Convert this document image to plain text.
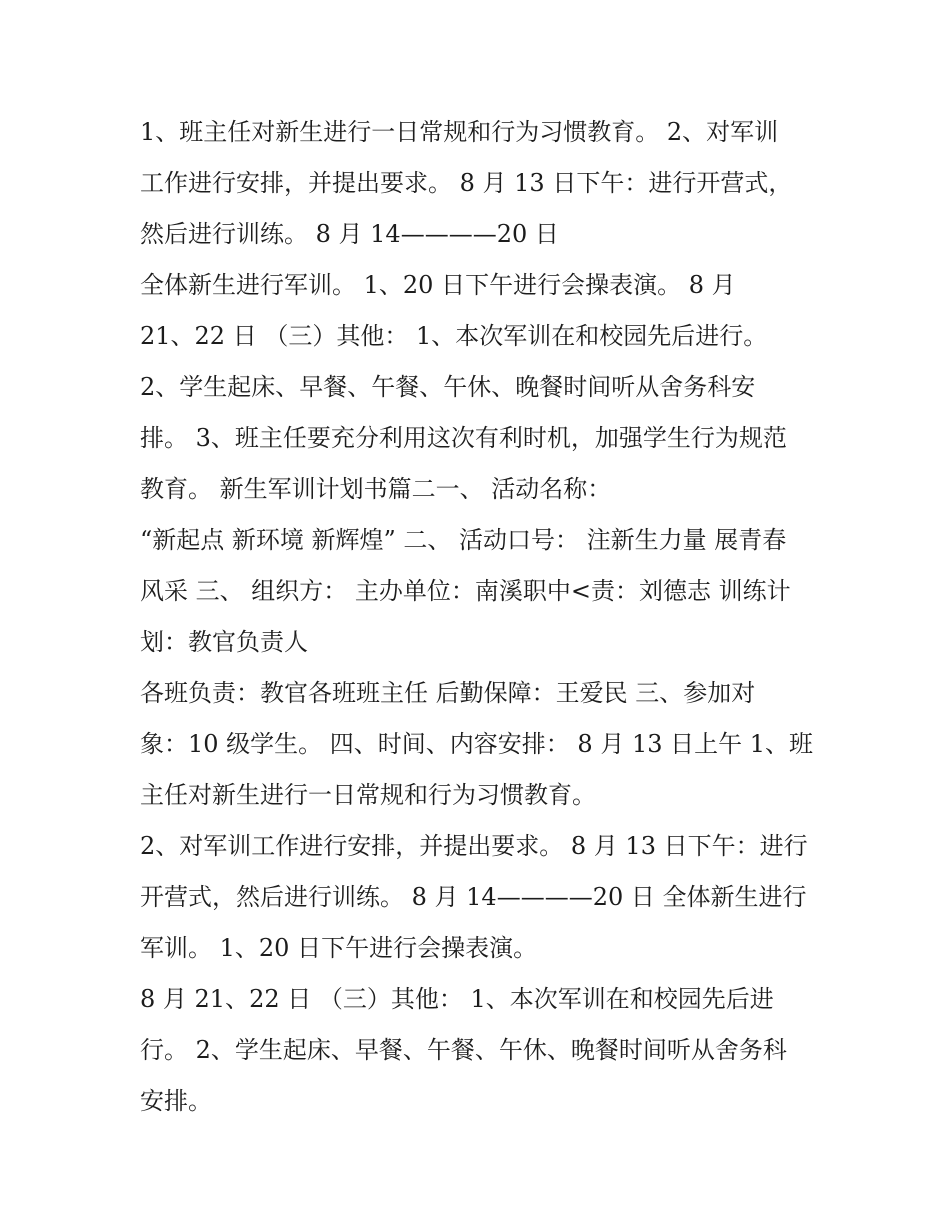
1、班主任对新生进行一日常规和行为习惯教育。 2、对军训
工作进行安排，并提出要求。 8 月 13 日下午：进行开营式，
然后进行训练。 8 月 14————20 日
全体新生进行军训。 1、20 日下午进行会操表演。 8 月
21、22 日 （三）其他： 1、本次军训在和校园先后进行。
2、学生起床、早餐、午餐、午休、晚餐时间听从舍务科安
排。 3、班主任要充分利用这次有利时机，加强学生行为规范
教育。 新生军训计划书篇二一、 活动名称：
“新起点 新环境 新辉煌” 二、 活动口号： 注新生力量 展青春
风采 三、 组织方： 主办单位：南溪职中<责：刘德志 训练计
划：教官负责人
各班负责：教官各班班主任 后勤保障：王爱民 三、参加对
象：10 级学生。 四、时间、内容安排： 8 月 13 日上午 1、班
主任对新生进行一日常规和行为习惯教育。
2、对军训工作进行安排，并提出要求。 8 月 13 日下午：进行
开营式，然后进行训练。 8 月 14————20 日 全体新生进行
军训。 1、20 日下午进行会操表演。
8 月 21、22 日 （三）其他： 1、本次军训在和校园先后进
行。 2、学生起床、早餐、午餐、午休、晚餐时间听从舍务科
安排。
